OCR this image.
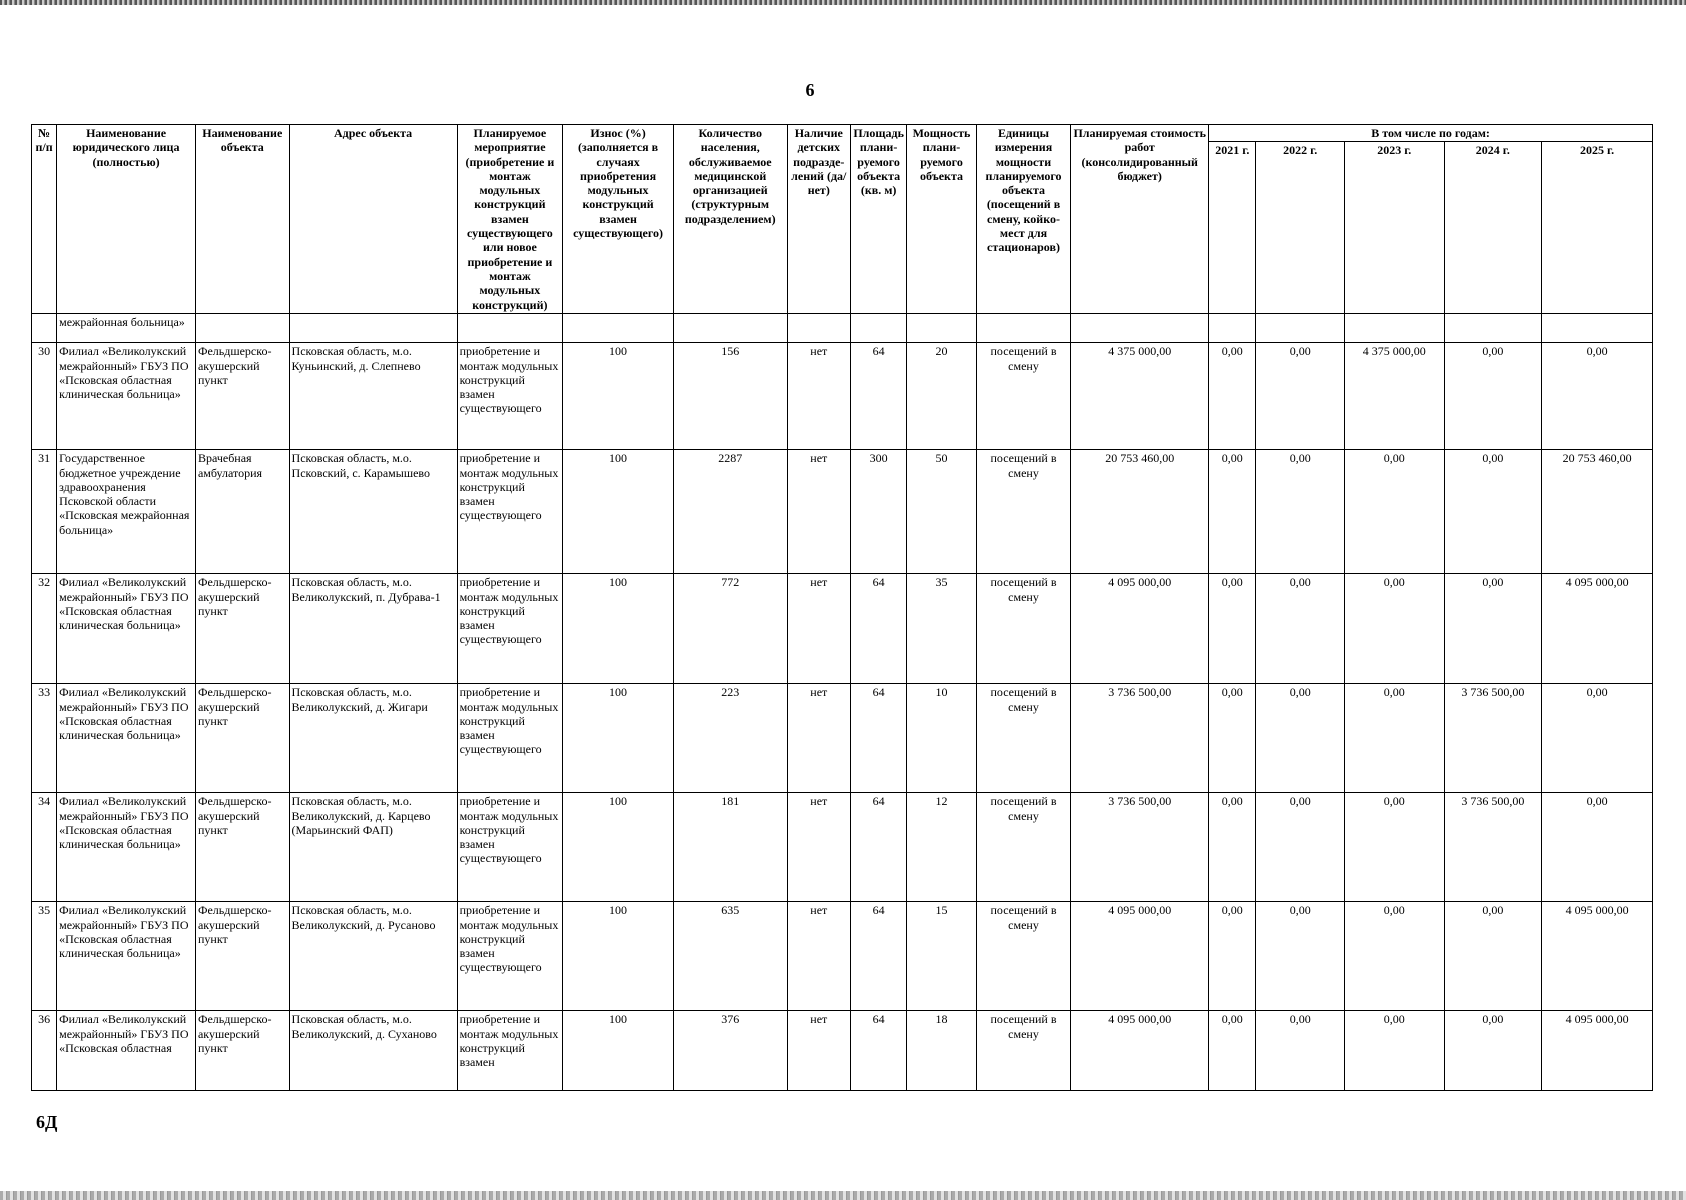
6
№ п/п	Наименование юридического лица (полностью)	Наименование объекта	Адрес объекта	Планируемое мероприятие (приобретение и монтаж модульных конструкций взамен существующего или новое приобретение и монтаж модульных конструкций)	Износ (%) (заполняется в случаях приобретения модульных конструкций взамен существующего)	Количество населения, обслуживаемое медицинской организацией (структурным подразделением)	Наличие детских подразде-лений (да/нет)	Площадь плани-руемого объекта (кв. м)	Мощность плани-руемого объекта	Единицы измерения мощности планируемого объекта (посещений в смену, койко-мест для стационаров)	Планируемая стоимость работ (консолидированный бюджет)	В том числе по годам:				
												2021 г.	2022 г.	2023 г.	2024 г.	2025 г.
	межрайонная больница»															
30	Филиал «Великолукский межрайонный» ГБУЗ ПО «Псковская областная клиническая больница»	Фельдшерско-акушерский пункт	Псковская область, м.о. Куньинский, д. Слепнево	приобретение и монтаж модульных конструкций взамен существующего	100	156	нет	64	20	посещений в смену	4 375 000,00	0,00	0,00	4 375 000,00	0,00	0,00
31	Государственное бюджетное учреждение здравоохранения Псковской области «Псковская межрайонная больница»	Врачебная амбулатория	Псковская область, м.о. Псковский, с. Карамышево	приобретение и монтаж модульных конструкций взамен существующего	100	2287	нет	300	50	посещений в смену	20 753 460,00	0,00	0,00	0,00	0,00	20 753 460,00
32	Филиал «Великолукский межрайонный» ГБУЗ ПО «Псковская областная клиническая больница»	Фельдшерско-акушерский пункт	Псковская область, м.о. Великолукский, п. Дубрава-1	приобретение и монтаж модульных конструкций взамен существующего	100	772	нет	64	35	посещений в смену	4 095 000,00	0,00	0,00	0,00	0,00	4 095 000,00
33	Филиал «Великолукский межрайонный» ГБУЗ ПО «Псковская областная клиническая больница»	Фельдшерско-акушерский пункт	Псковская область, м.о. Великолукский, д. Жигари	приобретение и монтаж модульных конструкций взамен существующего	100	223	нет	64	10	посещений в смену	3 736 500,00	0,00	0,00	0,00	3 736 500,00	0,00
34	Филиал «Великолукский межрайонный» ГБУЗ ПО «Псковская областная клиническая больница»	Фельдшерско-акушерский пункт	Псковская область, м.о. Великолукский, д. Карцево (Марьинский ФАП)	приобретение и монтаж модульных конструкций взамен существующего	100	181	нет	64	12	посещений в смену	3 736 500,00	0,00	0,00	0,00	3 736 500,00	0,00
35	Филиал «Великолукский межрайонный» ГБУЗ ПО «Псковская областная клиническая больница»	Фельдшерско-акушерский пункт	Псковская область, м.о. Великолукский, д. Русаново	приобретение и монтаж модульных конструкций взамен существующего	100	635	нет	64	15	посещений в смену	4 095 000,00	0,00	0,00	0,00	0,00	4 095 000,00
36	Филиал «Великолукский межрайонный» ГБУЗ ПО «Псковская областная	Фельдшерско-акушерский пункт	Псковская область, м.о. Великолукский, д. Суханово	приобретение и монтаж модульных конструкций взамен	100	376	нет	64	18	посещений в смену	4 095 000,00	0,00	0,00	0,00	0,00	4 095 000,00
6Д
